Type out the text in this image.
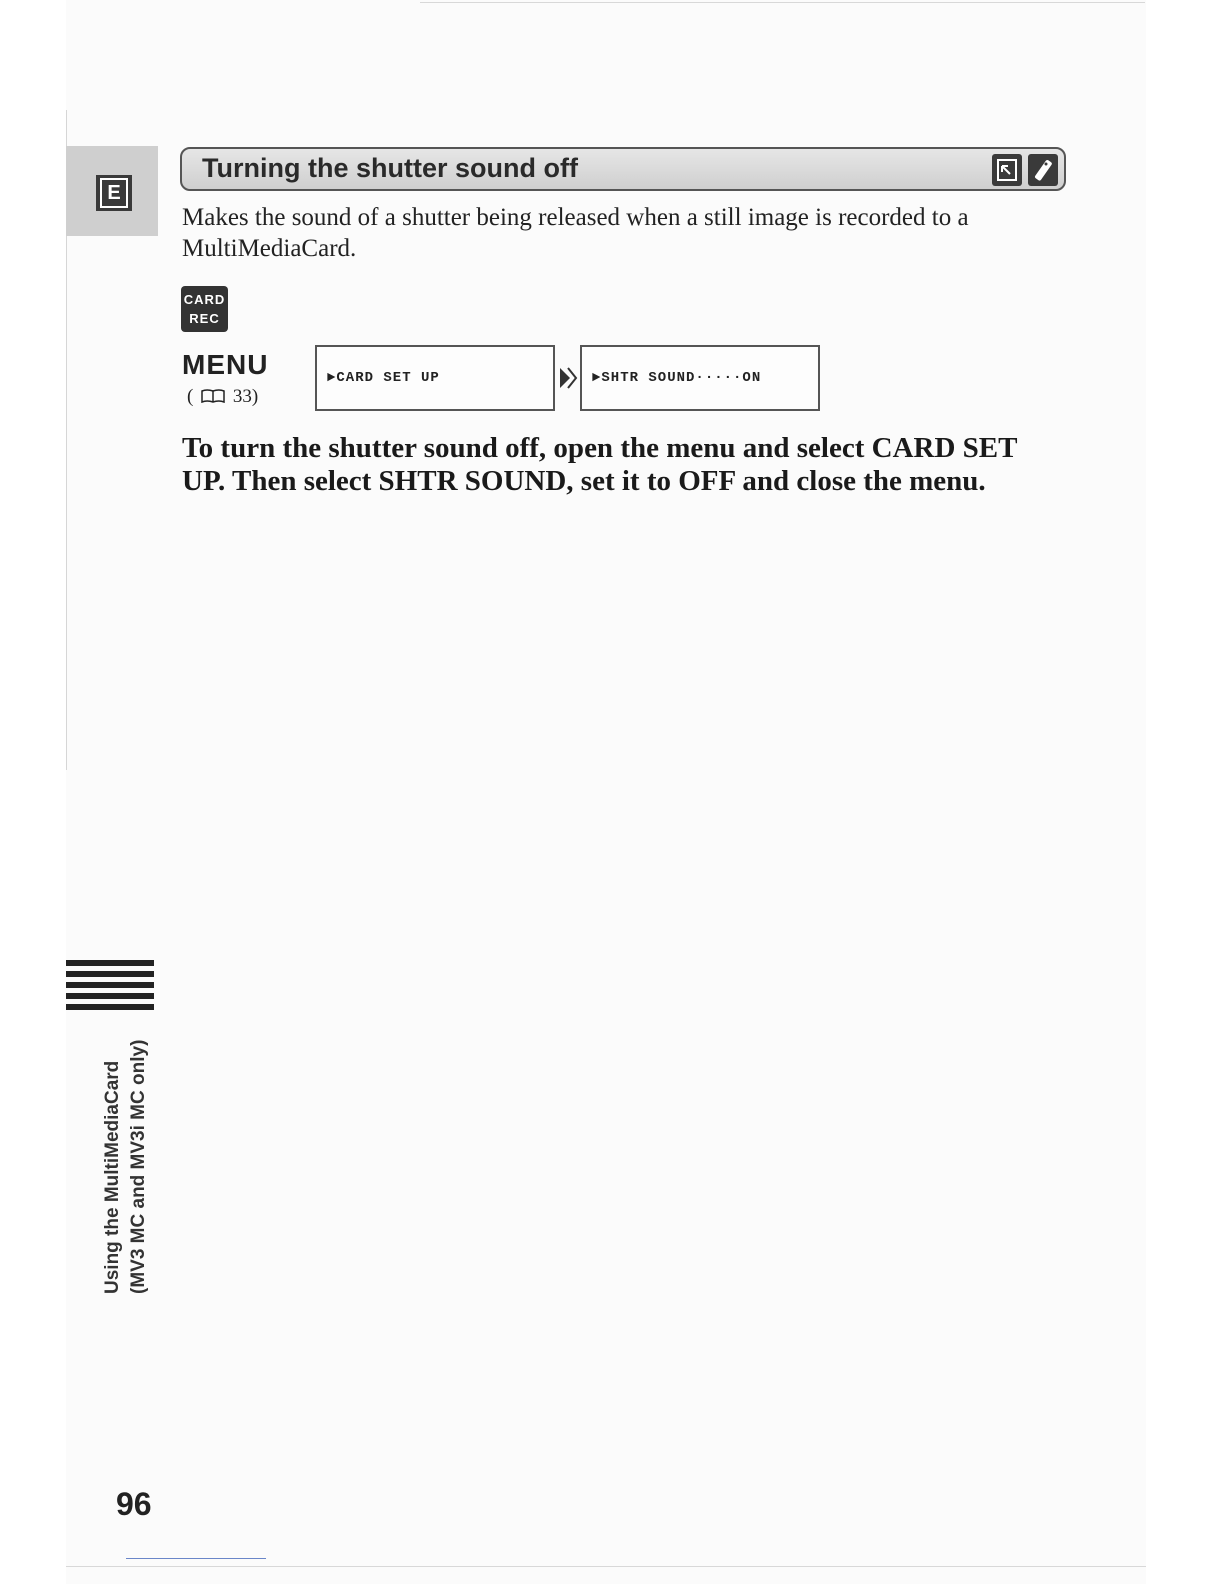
E
Turning the shutter sound off
Makes the sound of a shutter being released when a still image is recorded to a MultiMediaCard.
CARD
REC
MENU
( 33)
►CARD SET UP	►SHTR SOUND·····ON
To turn the shutter sound off, open the menu and select CARD SET UP. Then select SHTR SOUND, set it to OFF and close the menu.
Using the MultiMediaCard (MV3 MC and MV3i MC only)
96
